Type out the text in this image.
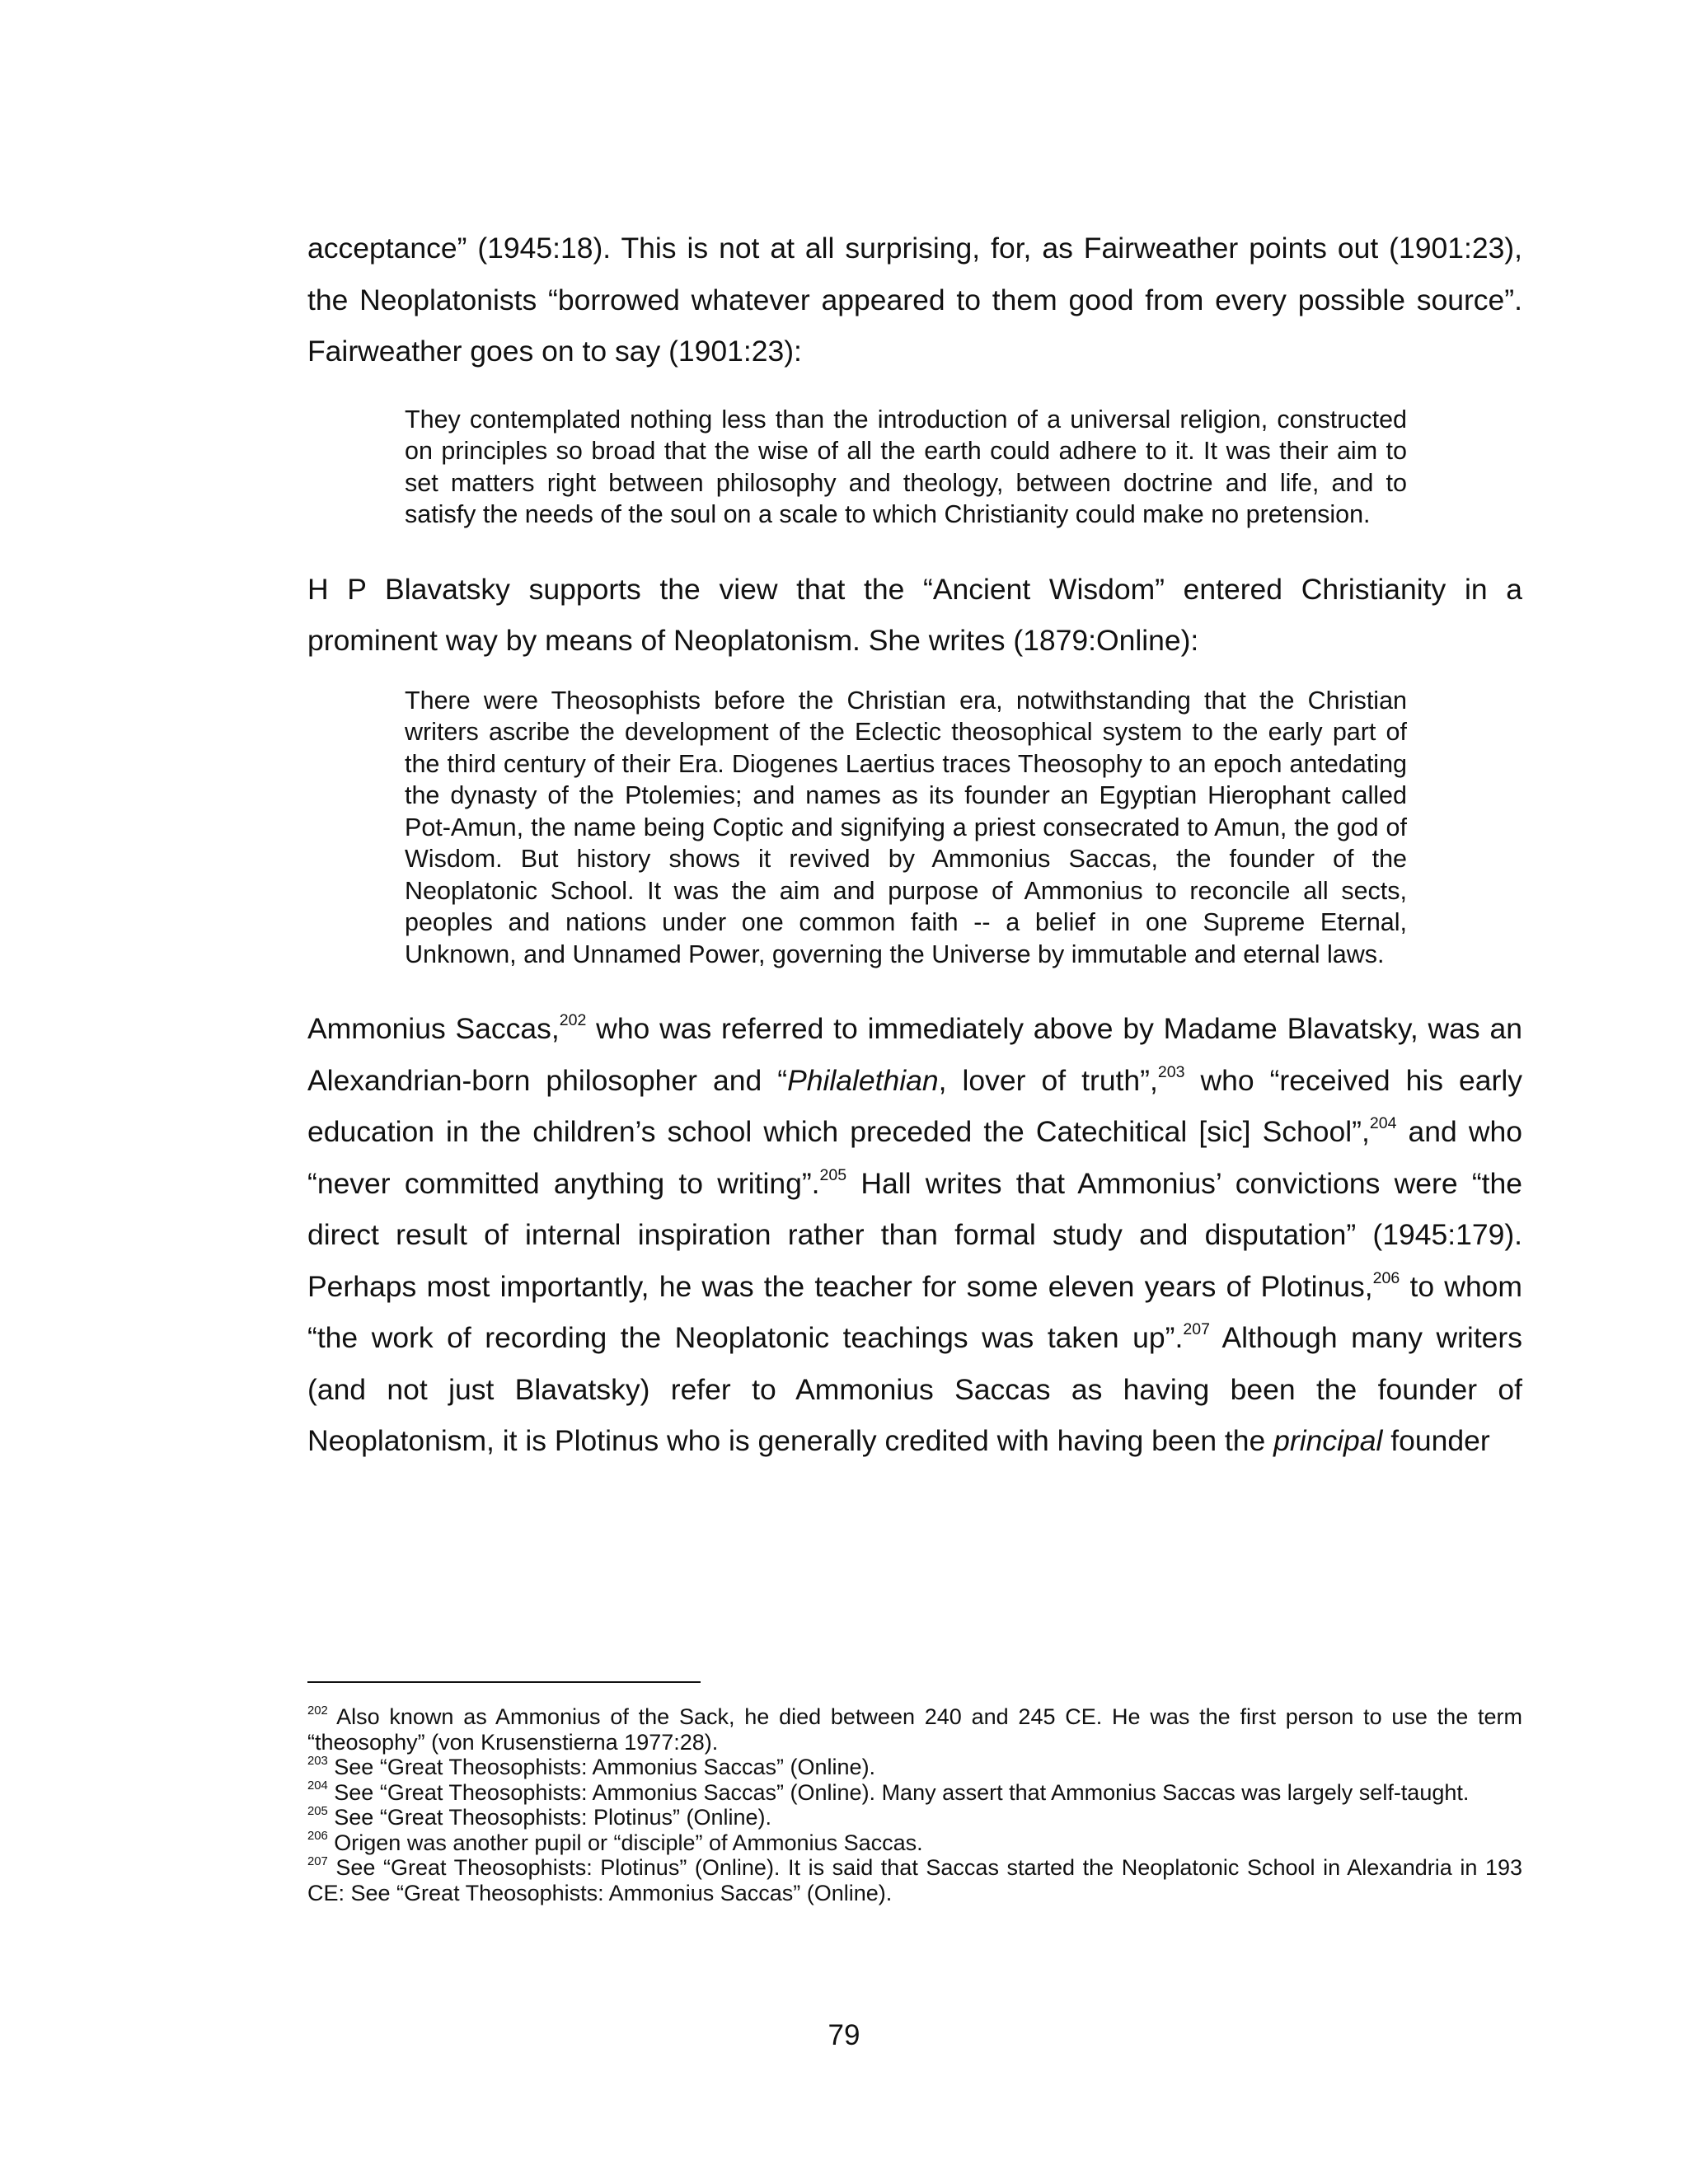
acceptance” (1945:18). This is not at all surprising, for, as Fairweather points out (1901:23), the Neoplatonists “borrowed whatever appeared to them good from every possible source”. Fairweather goes on to say (1901:23):

They contemplated nothing less than the introduction of a universal religion, constructed on principles so broad that the wise of all the earth could adhere to it. It was their aim to set matters right between philosophy and theology, between doctrine and life, and to satisfy the needs of the soul on a scale to which Christianity could make no pretension.

H P Blavatsky supports the view that the “Ancient Wisdom” entered Christianity in a prominent way by means of Neoplatonism. She writes (1879:Online):

There were Theosophists before the Christian era, notwithstanding that the Christian writers ascribe the development of the Eclectic theosophical system to the early part of the third century of their Era. Diogenes Laertius traces Theosophy to an epoch antedating the dynasty of the Ptolemies; and names as its founder an Egyptian Hierophant called Pot-Amun, the name being Coptic and signifying a priest consecrated to Amun, the god of Wisdom. But history shows it revived by Ammonius Saccas, the founder of the Neoplatonic School. It was the aim and purpose of Ammonius to reconcile all sects, peoples and nations under one common faith -- a belief in one Supreme Eternal, Unknown, and Unnamed Power, governing the Universe by immutable and eternal laws.

Ammonius Saccas,$^{202}$ who was referred to immediately above by Madame Blavatsky, was an Alexandrian-born philosopher and “Philalethian, lover of truth”,$^{203}$ who “received his early education in the children’s school which preceded the Catechitical [sic] School”,$^{204}$ and who “never committed anything to writing”.$^{205}$ Hall writes that Ammonius’ convictions were “the direct result of internal inspiration rather than formal study and disputation” (1945:179). Perhaps most importantly, he was the teacher for some eleven years of Plotinus,$^{206}$ to whom “the work of recording the Neoplatonic teachings was taken up”.$^{207}$ Although many writers (and not just Blavatsky) refer to Ammonius Saccas as having been the founder of Neoplatonism, it is Plotinus who is generally credited with having been the principal founder

$^{202}$ Also known as Ammonius of the Sack, he died between 240 and 245 CE. He was the first person to use the term “theosophy” (von Krusenstierna 1977:28).

$^{203}$ See “Great Theosophists: Ammonius Saccas” (Online).

$^{204}$ See “Great Theosophists: Ammonius Saccas” (Online). Many assert that Ammonius Saccas was largely self-taught.

$^{205}$ See “Great Theosophists: Plotinus” (Online).

$^{206}$ Origen was another pupil or “disciple” of Ammonius Saccas.

$^{207}$ See “Great Theosophists: Plotinus” (Online). It is said that Saccas started the Neoplatonic School in Alexandria in 193 CE: See “Great Theosophists: Ammonius Saccas” (Online).

79
